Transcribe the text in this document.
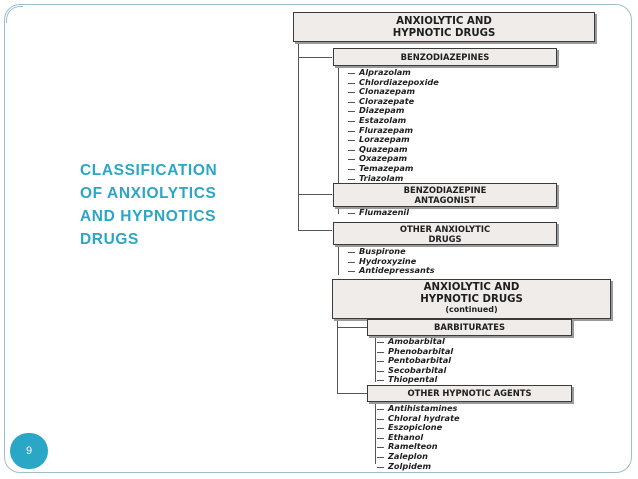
CLASSIFICATION
OF ANXIOLYTICS
AND HYPNOTICS
DRUGS
9
ANXIOLYTIC AND
HYPNOTIC DRUGS
BENZODIAZEPINES
Alprazolam
Chlordiazepoxide
Clonazepam
Clorazepate
Diazepam
Estazolam
Flurazepam
Lorazepam
Quazepam
Oxazepam
Temazepam
Triazolam
BENZODIAZEPINE
ANTAGONIST
Flumazenil
OTHER ANXIOLYTIC
DRUGS
Buspirone
Hydroxyzine
Antidepressants
ANXIOLYTIC AND
HYPNOTIC DRUGS
(continued)
BARBITURATES
Amobarbital
Phenobarbital
Pentobarbital
Secobarbital
Thiopental
OTHER HYPNOTIC AGENTS
Antihistamines
Chloral hydrate
Eszopiclone
Ethanol
Ramelteon
Zaleplon
Zolpidem
